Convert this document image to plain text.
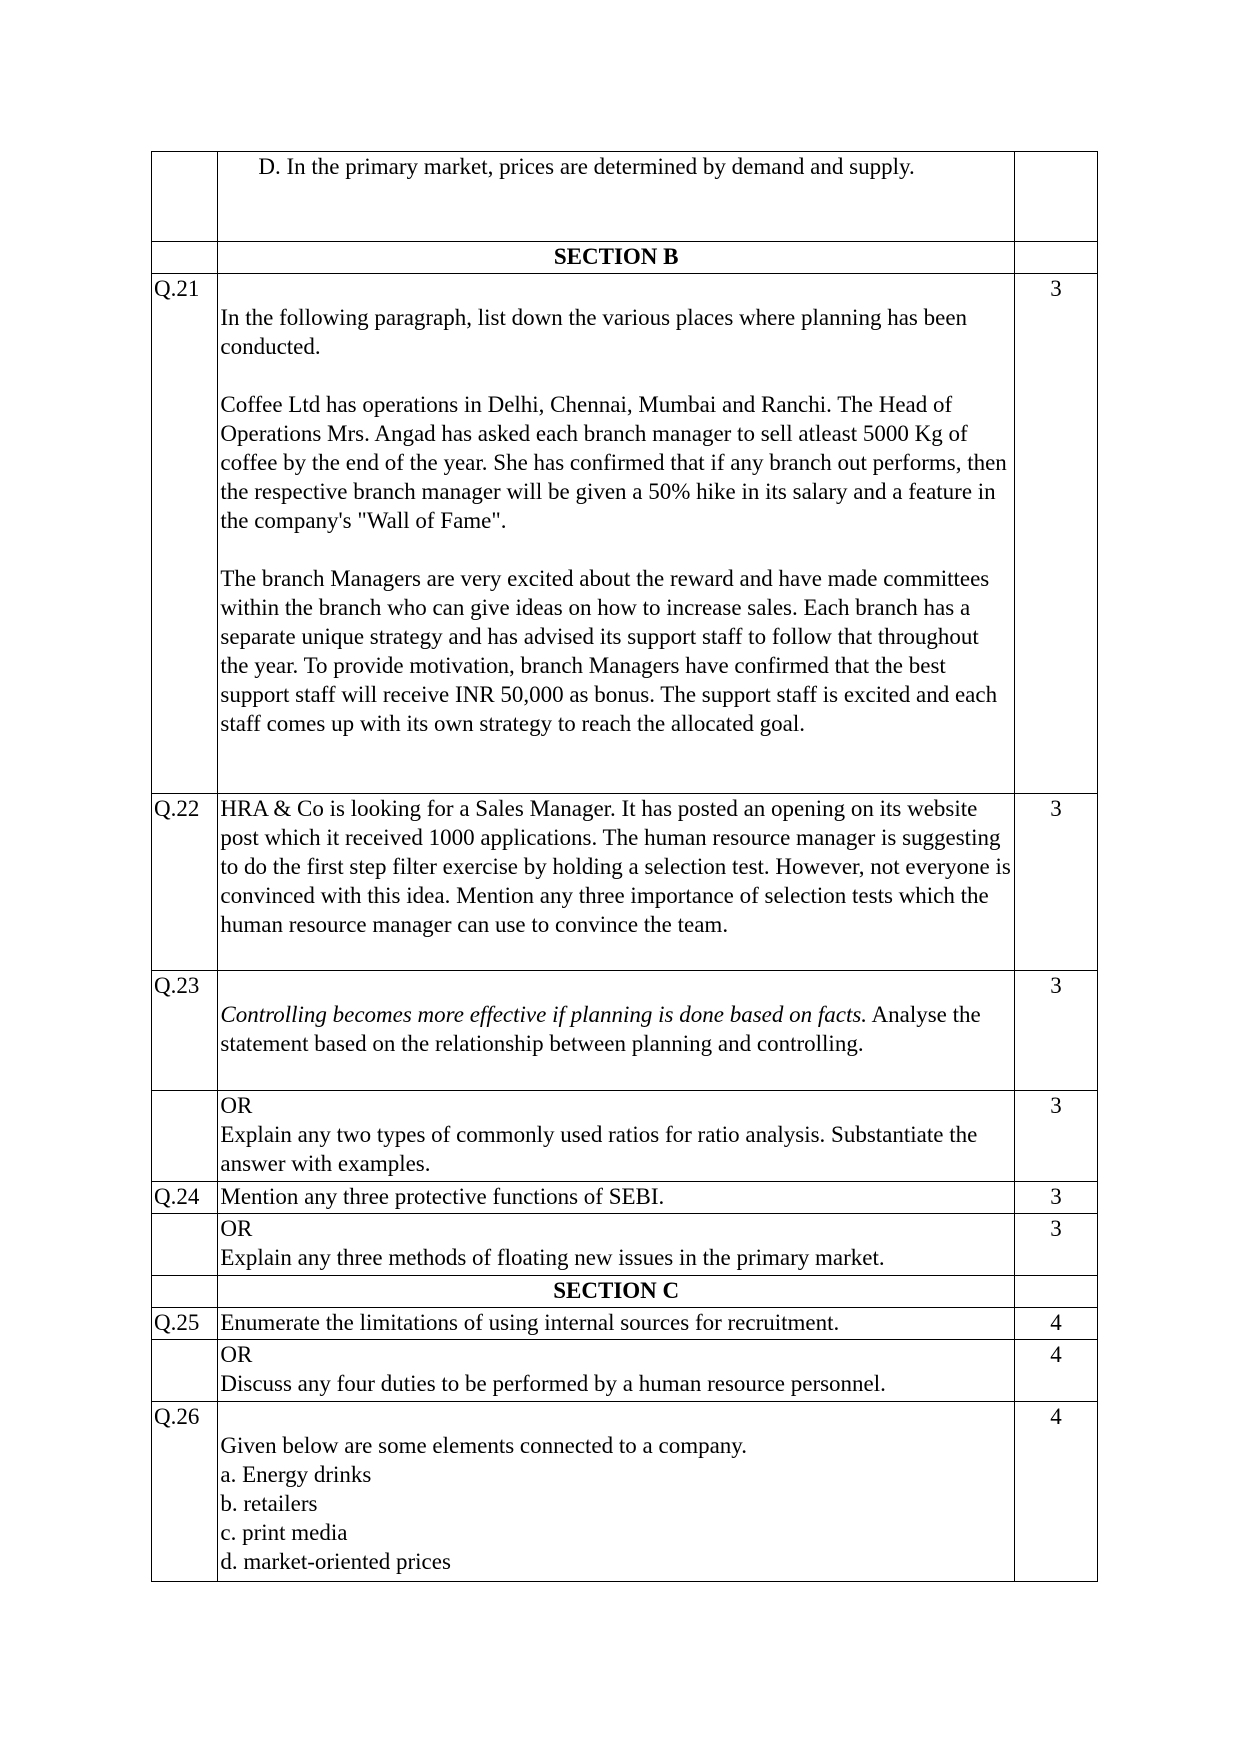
	D. In the primary market, prices are determined by demand and supply.	

	SECTION B	
Q.21	In the following paragraph, list down the various places where planning has been conducted.

Coffee Ltd has operations in Delhi, Chennai, Mumbai and Ranchi. The Head of Operations Mrs. Angad has asked each branch manager to sell atleast 5000 Kg of coffee by the end of the year. She has confirmed that if any branch out performs, then the respective branch manager will be given a 50% hike in its salary and a feature in the company's "Wall of Fame".

The branch Managers are very excited about the reward and have made committees within the branch who can give ideas on how to increase sales. Each branch has a separate unique strategy and has advised its support staff to follow that throughout the year. To provide motivation, branch Managers have confirmed that the best support staff will receive INR 50,000 as bonus. The support staff is excited and each staff comes up with its own strategy to reach the allocated goal.	3
Q.22	HRA & Co is looking for a Sales Manager. It has posted an opening on its website post which it received 1000 applications. The human resource manager is suggesting to do the first step filter exercise by holding a selection test. However, not everyone is convinced with this idea. Mention any three importance of selection tests which the human resource manager can use to convince the team.	3
Q.23	Controlling becomes more effective if planning is done based on facts. Analyse the statement based on the relationship between planning and controlling.	3

	OR

Explain any two types of commonly used ratios for ratio analysis. Substantiate the answer with examples.	3
Q.24	Mention any three protective functions of SEBI.	3

	OR

Explain any three methods of floating new issues in the primary market.	3
	SECTION C	
Q.25	Enumerate the limitations of using internal sources for recruitment.	4

	OR

Discuss any four duties to be performed by a human resource personnel.	4
Q.26	Given below are some elements connected to a company.

a. Energy drinks

b. retailers

c. print media

d. market-oriented prices	4
